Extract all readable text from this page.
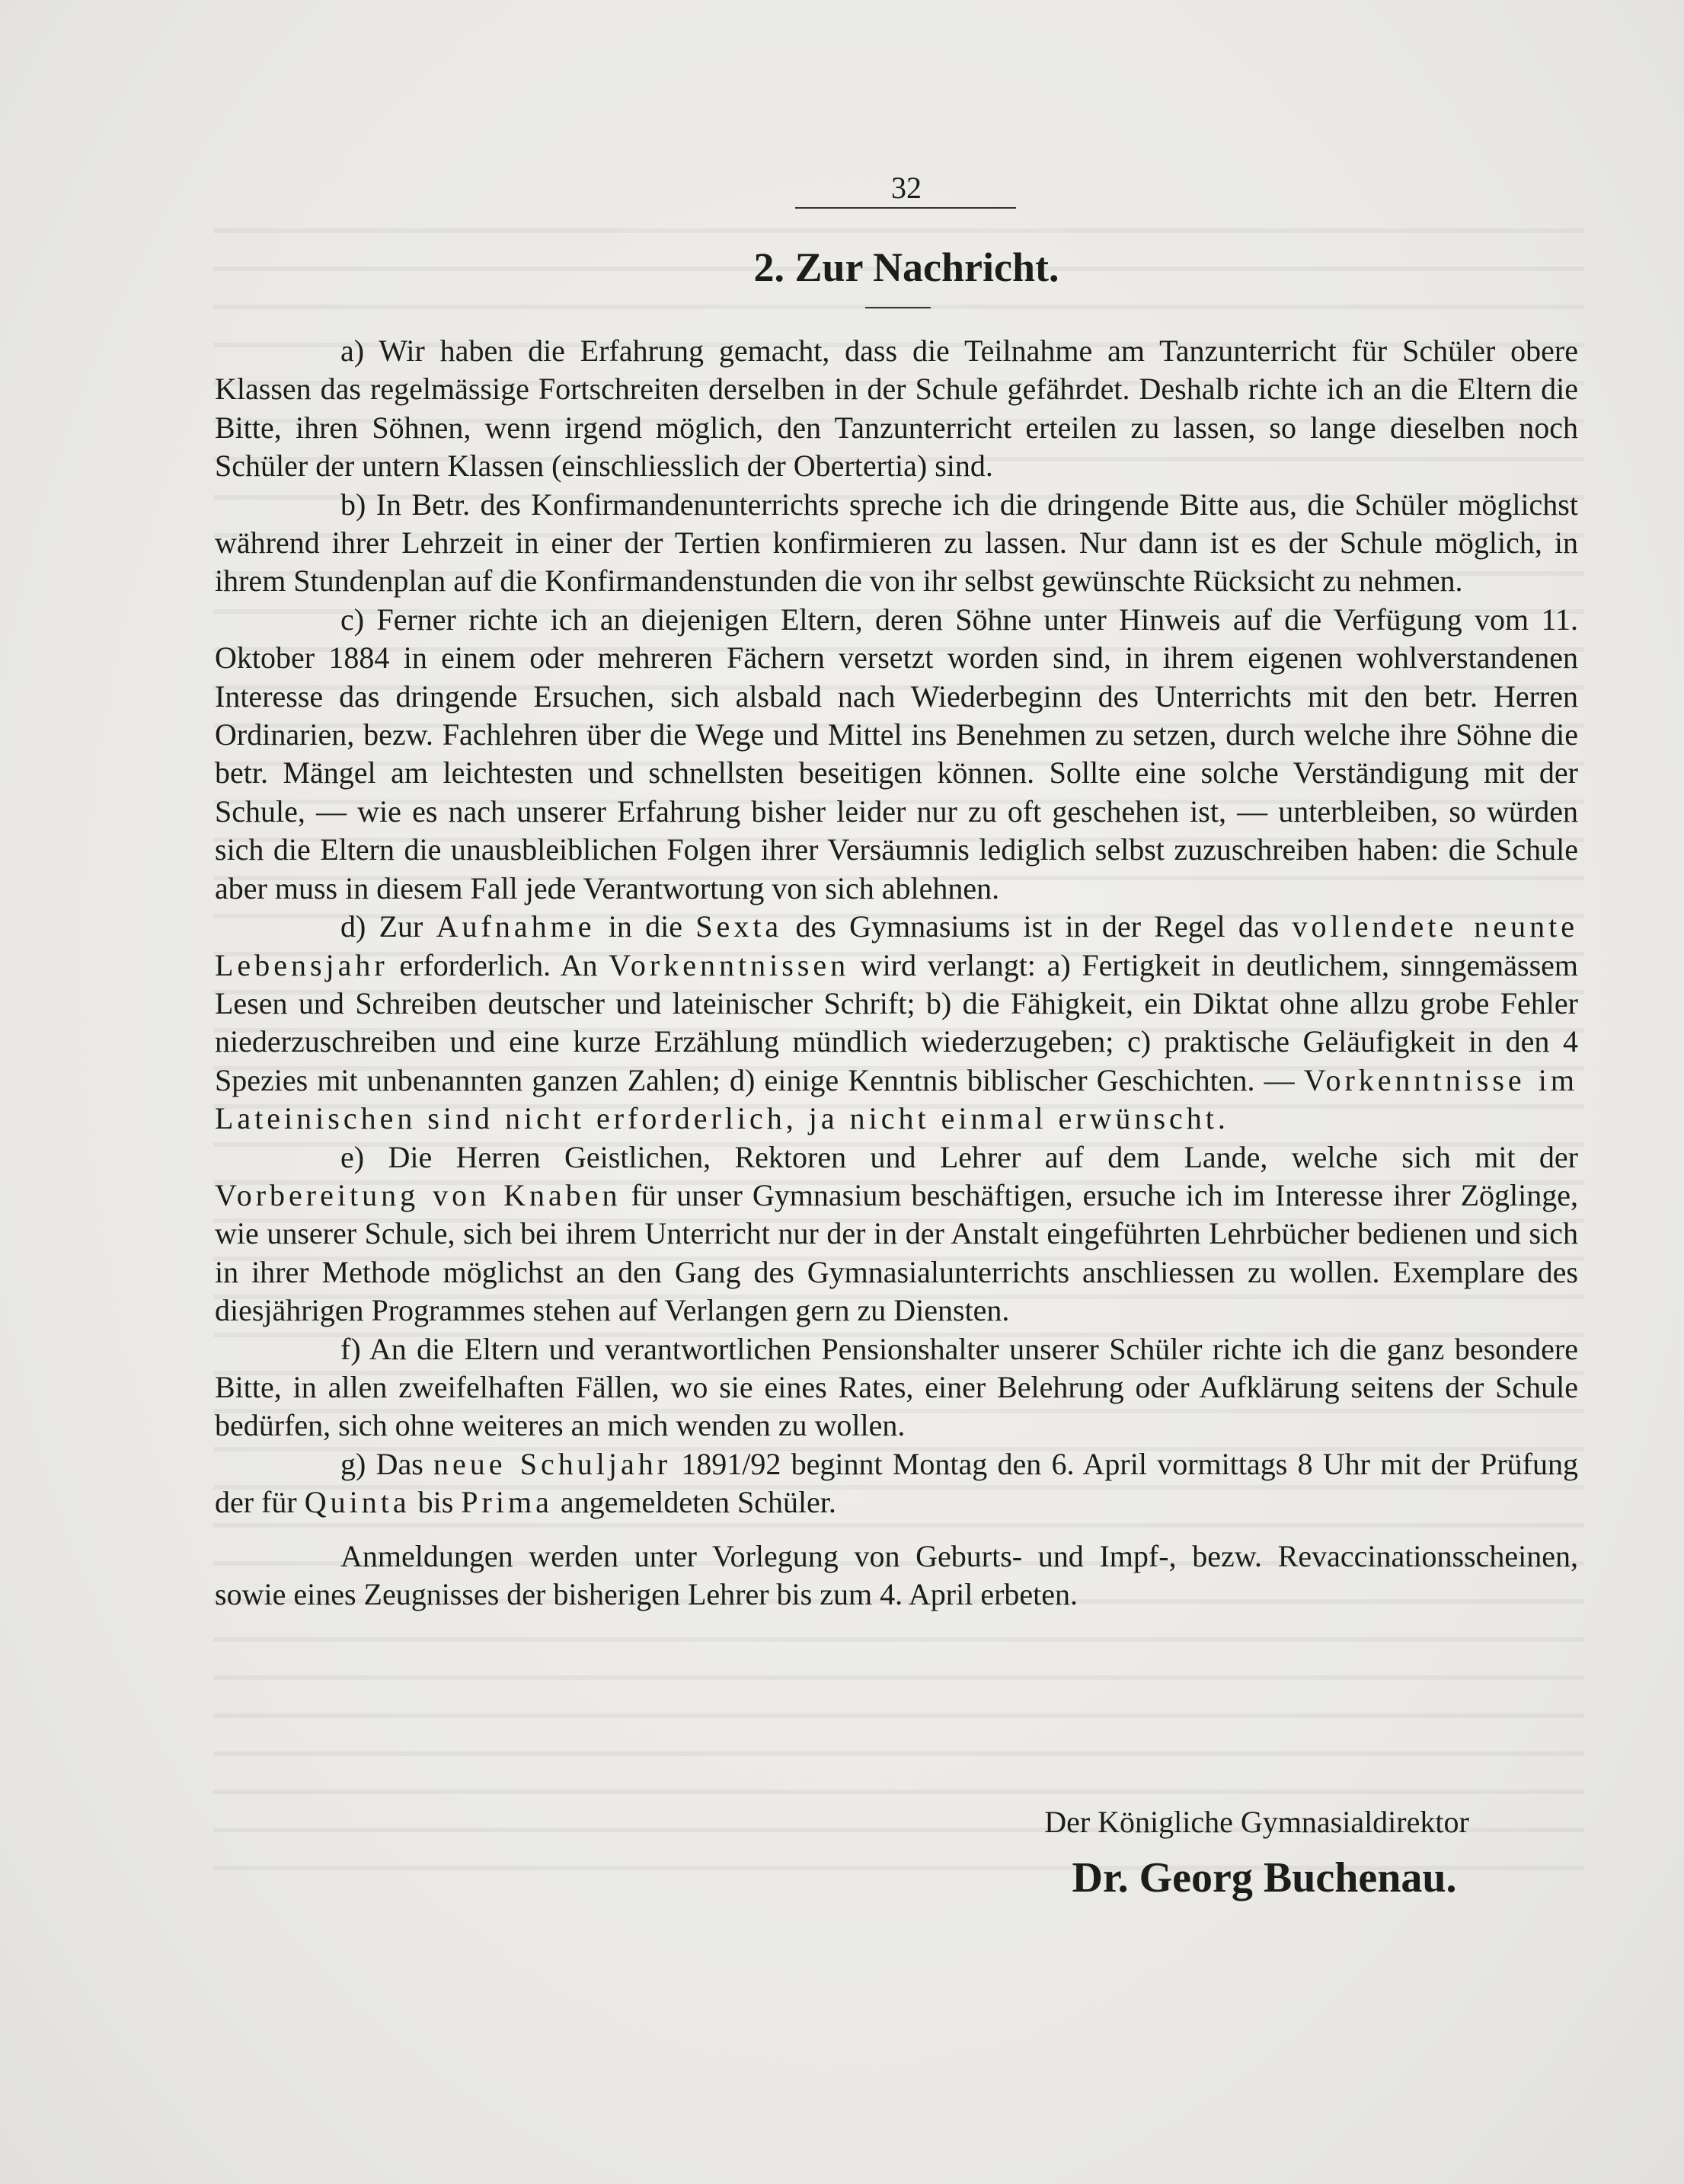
32
2. Zur Nachricht.

a) Wir haben die Erfahrung gemacht, dass die Teilnahme am Tanzunterricht für Schüler obere Klassen das regelmässige Fortschreiten derselben in der Schule gefährdet. Deshalb richte ich an die Eltern die Bitte, ihren Söhnen, wenn irgend möglich, den Tanzunterricht erteilen zu lassen, so lange dieselben noch Schüler der untern Klassen (einschliesslich der Obertertia) sind.

b) In Betr. des Konfirmandenunterrichts spreche ich die dringende Bitte aus, die Schüler möglichst während ihrer Lehrzeit in einer der Tertien konfirmieren zu lassen. Nur dann ist es der Schule möglich, in ihrem Stundenplan auf die Konfirmandenstunden die von ihr selbst gewünschte Rücksicht zu nehmen.

c) Ferner richte ich an diejenigen Eltern, deren Söhne unter Hinweis auf die Verfügung vom 11. Oktober 1884 in einem oder mehreren Fächern versetzt worden sind, in ihrem eigenen wohlverstandenen Interesse das dringende Ersuchen, sich alsbald nach Wiederbeginn des Unterrichts mit den betr. Herren Ordinarien, bezw. Fachlehren über die Wege und Mittel ins Benehmen zu setzen, durch welche ihre Söhne die betr. Mängel am leichtesten und schnellsten beseitigen können. Sollte eine solche Verständigung mit der Schule, — wie es nach unserer Erfahrung bisher leider nur zu oft geschehen ist, — unterbleiben, so würden sich die Eltern die unausbleiblichen Folgen ihrer Versäumnis lediglich selbst zuzuschreiben haben: die Schule aber muss in diesem Fall jede Verantwortung von sich ablehnen.

d) Zur Aufnahme in die Sexta des Gymnasiums ist in der Regel das vollendete neunte Lebensjahr erforderlich. An Vorkenntnissen wird verlangt: a) Fertigkeit in deutlichem, sinngemässem Lesen und Schreiben deutscher und lateinischer Schrift; b) die Fähigkeit, ein Diktat ohne allzu grobe Fehler niederzuschreiben und eine kurze Erzählung mündlich wiederzugeben; c) praktische Geläufigkeit in den 4 Spezies mit unbenannten ganzen Zahlen; d) einige Kenntnis biblischer Geschichten. — Vorkenntnisse im Lateinischen sind nicht erforderlich, ja nicht einmal erwünscht.

e) Die Herren Geistlichen, Rektoren und Lehrer auf dem Lande, welche sich mit der Vorbereitung von Knaben für unser Gymnasium beschäftigen, ersuche ich im Interesse ihrer Zöglinge, wie unserer Schule, sich bei ihrem Unterricht nur der in der Anstalt eingeführten Lehrbücher bedienen und sich in ihrer Methode möglichst an den Gang des Gymnasialunterrichts anschliessen zu wollen. Exemplare des diesjährigen Programmes stehen auf Verlangen gern zu Diensten.

f) An die Eltern und verantwortlichen Pensionshalter unserer Schüler richte ich die ganz besondere Bitte, in allen zweifelhaften Fällen, wo sie eines Rates, einer Belehrung oder Aufklärung seitens der Schule bedürfen, sich ohne weiteres an mich wenden zu wollen.

g) Das neue Schuljahr 1891/92 beginnt Montag den 6. April vormittags 8 Uhr mit der Prüfung der für Quinta bis Prima angemeldeten Schüler.

Anmeldungen werden unter Vorlegung von Geburts- und Impf-, bezw. Revaccinationsscheinen, sowie eines Zeugnisses der bisherigen Lehrer bis zum 4. April erbeten.

Der Königliche Gymnasialdirektor
Dr. Georg Buchenau.
